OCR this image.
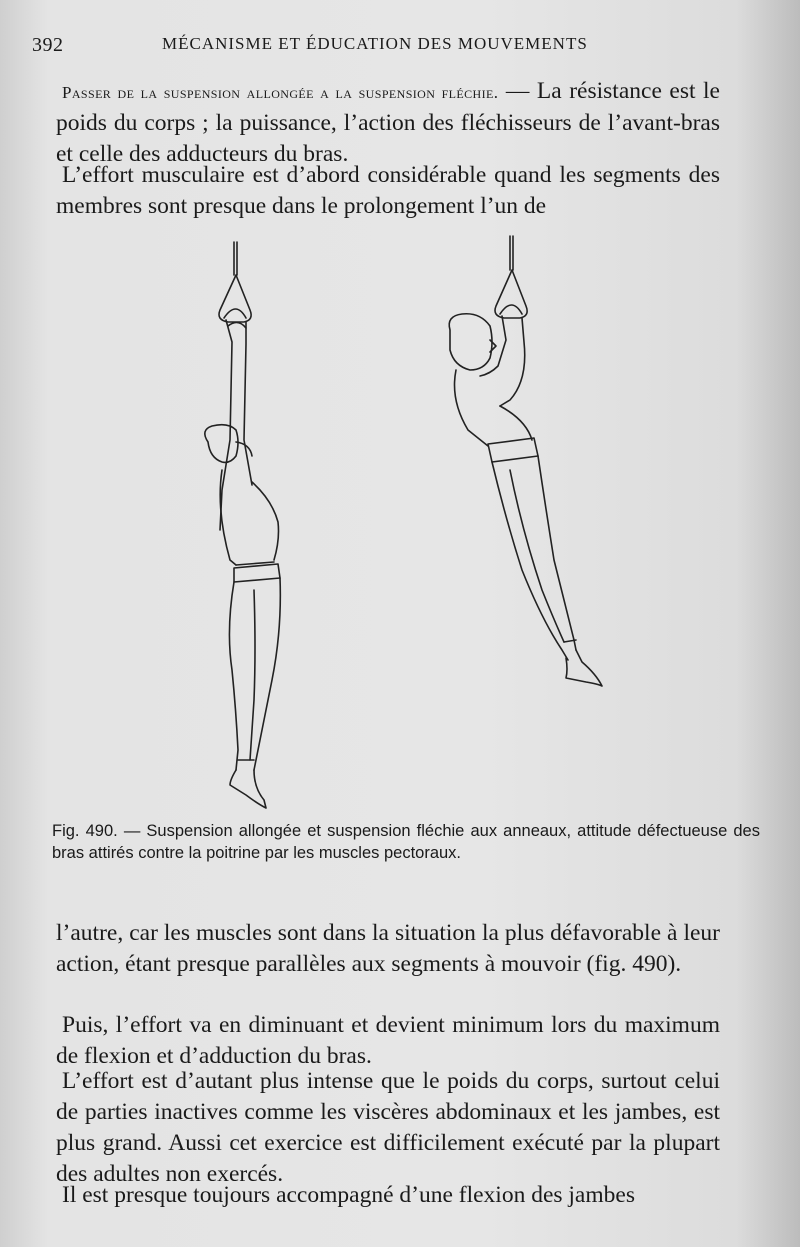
392	MÉCANISME ET ÉDUCATION DES MOUVEMENTS

Passer de la suspension allongée a la suspension fléchie. — La résistance est le poids du corps ; la puissance, l’action des fléchisseurs de l’avant-bras et celle des adducteurs du bras.

L’effort musculaire est d’abord considérable quand les segments des membres sont presque dans le prolongement l’un de

Fig. 490. — Suspension allongée et suspension fléchie aux anneaux, attitude défectueuse des bras attirés contre la poitrine par les muscles pectoraux.

l’autre, car les muscles sont dans la situation la plus défavorable à leur action, étant presque parallèles aux segments à mouvoir (fig. 490).

Puis, l’effort va en diminuant et devient minimum lors du maximum de flexion et d’adduction du bras.

L’effort est d’autant plus intense que le poids du corps, surtout celui de parties inactives comme les viscères abdominaux et les jambes, est plus grand. Aussi cet exercice est difficilement exécuté par la plupart des adultes non exercés.

Il est presque toujours accompagné d’une flexion des jambes
